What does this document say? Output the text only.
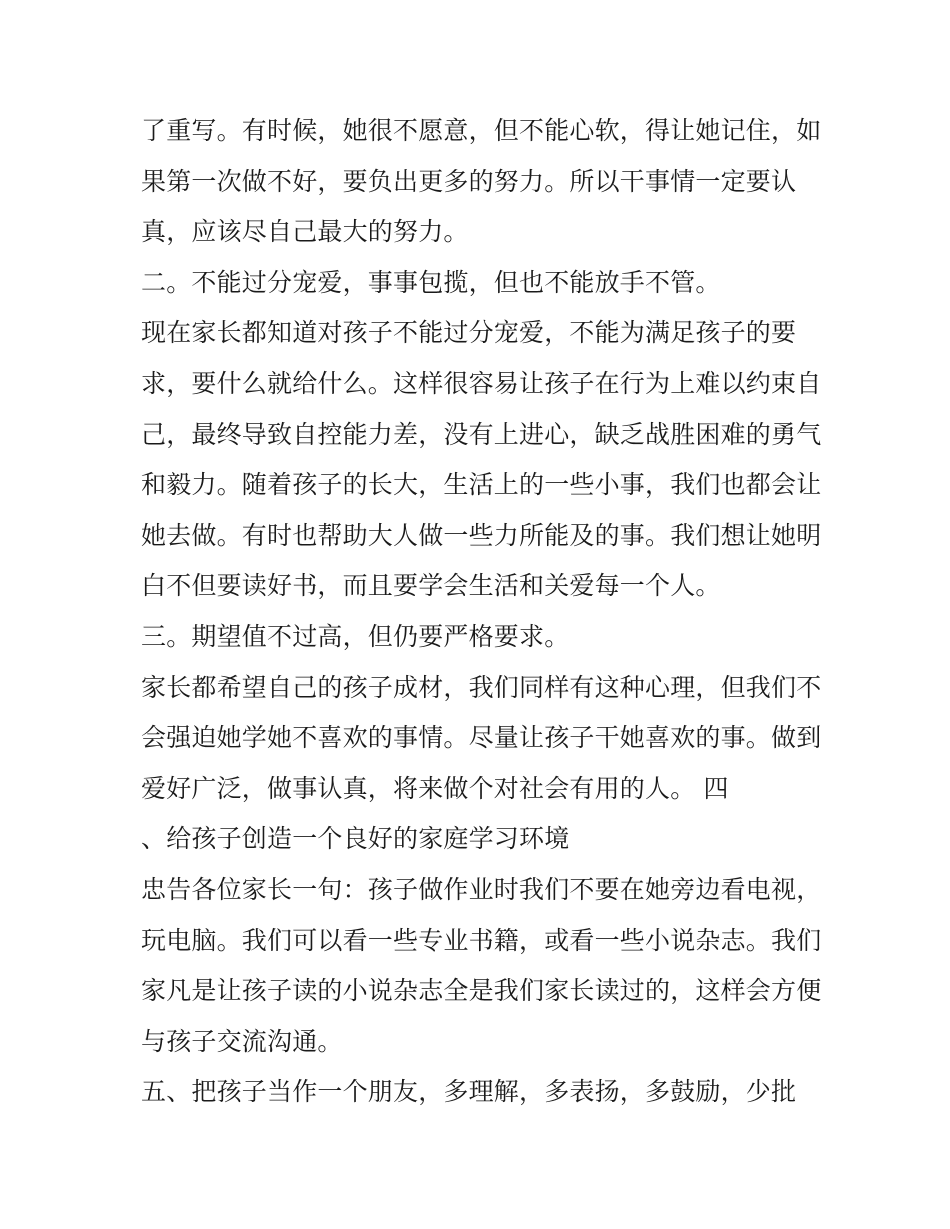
了重写。有时候，她很不愿意，但不能心软，得让她记住，如
果第一次做不好，要负出更多的努力。所以干事情一定要认
真，应该尽自己最大的努力。
二。不能过分宠爱，事事包揽，但也不能放手不管。
现在家长都知道对孩子不能过分宠爱，不能为满足孩子的要
求，要什么就给什么。这样很容易让孩子在行为上难以约束自
己，最终导致自控能力差，没有上进心，缺乏战胜困难的勇气
和毅力。随着孩子的长大，生活上的一些小事，我们也都会让
她去做。有时也帮助大人做一些力所能及的事。我们想让她明
白不但要读好书，而且要学会生活和关爱每一个人。
三。期望值不过高，但仍要严格要求。
家长都希望自己的孩子成材，我们同样有这种心理，但我们不
会强迫她学她不喜欢的事情。尽量让孩子干她喜欢的事。做到
爱好广泛，做事认真，将来做个对社会有用的人。 四
、给孩子创造一个良好的家庭学习环境
忠告各位家长一句：孩子做作业时我们不要在她旁边看电视，
玩电脑。我们可以看一些专业书籍，或看一些小说杂志。我们
家凡是让孩子读的小说杂志全是我们家长读过的，这样会方便
与孩子交流沟通。
五、把孩子当作一个朋友，多理解，多表扬，多鼓励，少批
